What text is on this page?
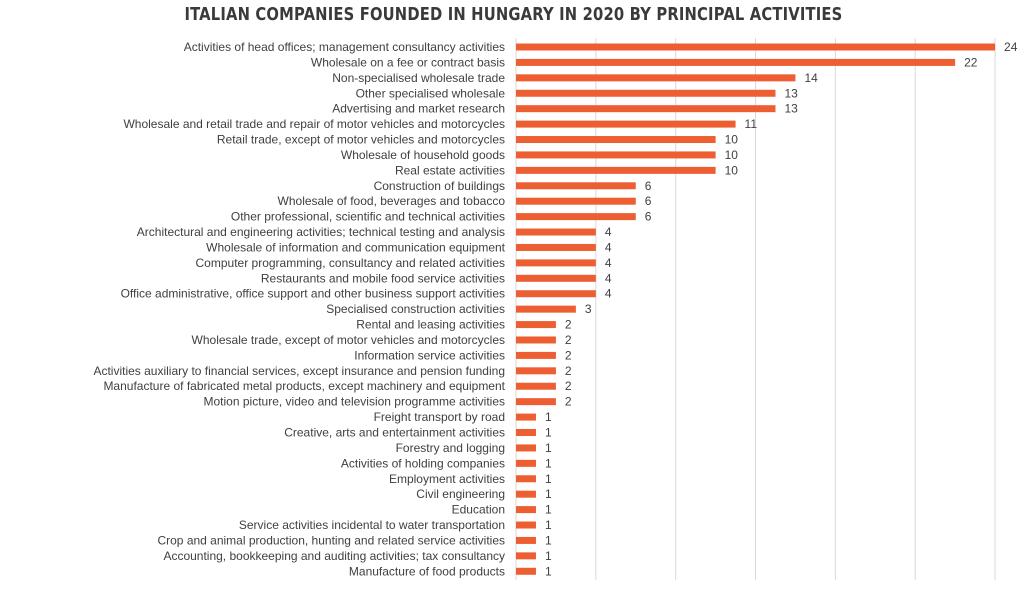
ITALIAN COMPANIES FOUNDED IN HUNGARY IN 2020 BY PRINCIPAL ACTIVITIES
Activities of head offices; management consultancy activities
Wholesale on a fee or contract basis
Non-specialised wholesale trade
Other specialised wholesale
Advertising and market research
Wholesale and retail trade and repair of motor vehicles and motorcycles
Retail trade, except of motor vehicles and motorcycles
Wholesale of household goods
Real estate activities
Construction of buildings
Wholesale of food, beverages and tobacco
Other professional, scientific and technical activities
Architectural and engineering activities; technical testing and analysis
Wholesale of information and communication equipment
Computer programming, consultancy and related activities
Restaurants and mobile food service activities
Office administrative, office support and other business support activities
Specialised construction activities
Rental and leasing activities
Wholesale trade, except of motor vehicles and motorcycles
Information service activities
Activities auxiliary to financial services, except insurance and pension funding
Manufacture of fabricated metal products, except machinery and equipment
Motion picture, video and television programme activities
Freight transport by road
Creative, arts and entertainment activities
Forestry and logging
Activities of holding companies
Employment activities
Civil engineering
Education
Service activities incidental to water transportation
Crop and animal production, hunting and related service activities
Accounting, bookkeeping and auditing activities; tax consultancy
Manufacture of food products
24
22
14
13
13
11
10
10
10
6
6
6
4
4
4
4
4
3
2
2
2
2
2
2
1
1
1
1
1
1
1
1
1
1
1
